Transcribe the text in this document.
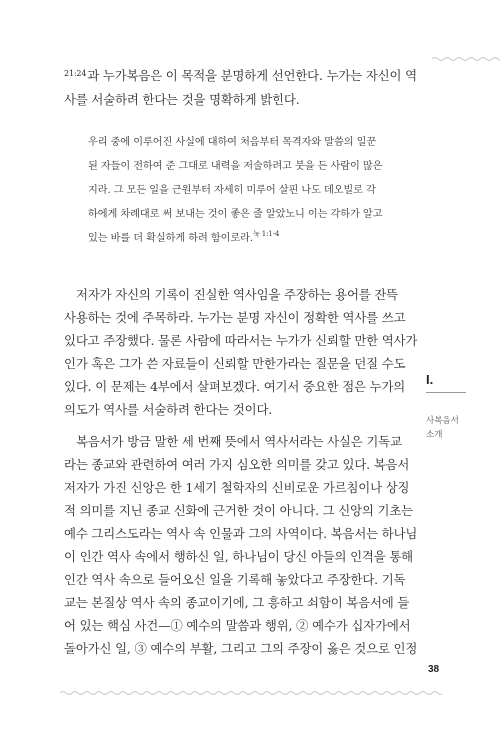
$^{21:24}$과 누가복음은 이 목적을 분명하게 선언한다. 누가는 자신이 역
사를 서술하려 한다는 것을 명확하게 밝힌다.
우리 중에 이루어진 사실에 대하여 처음부터 목격자와 말씀의 일꾼
된 자들이 전하여 준 그대로 내력을 저술하려고 붓을 든 사람이 많은
지라. 그 모든 일을 근원부터 자세히 미루어 살핀 나도 데오빌로 각
하에게 차례대로 써 보내는 것이 좋은 줄 알았노니 이는 각하가 알고
있는 바를 더 확실하게 하려 함이로라.$^{눅 1:1-4}$
저자가 자신의 기록이 진실한 역사임을 주장하는 용어를 잔뜩
사용하는 것에 주목하라. 누가는 분명 자신이 정확한 역사를 쓰고
있다고 주장했다. 물론 사람에 따라서는 누가가 신뢰할 만한 역사가
인가 혹은 그가 쓴 자료들이 신뢰할 만한가라는 질문을 던질 수도
있다. 이 문제는 4부에서 살펴보겠다. 여기서 중요한 점은 누가의
의도가 역사를 서술하려 한다는 것이다.
복음서가 방금 말한 세 번째 뜻에서 역사서라는 사실은 기독교
라는 종교와 관련하여 여러 가지 심오한 의미를 갖고 있다. 복음서
저자가 가진 신앙은 한 1세기 철학자의 신비로운 가르침이나 상징
적 의미를 지닌 종교 신화에 근거한 것이 아니다. 그 신앙의 기초는
예수 그리스도라는 역사 속 인물과 그의 사역이다. 복음서는 하나님
이 인간 역사 속에서 행하신 일, 하나님이 당신 아들의 인격을 통해
인간 역사 속으로 들어오신 일을 기록해 놓았다고 주장한다. 기독
교는 본질상 역사 속의 종교이기에, 그 흥하고 쇠함이 복음서에 들
어 있는 핵심 사건—① 예수의 말씀과 행위, ② 예수가 십자가에서
돌아가신 일, ③ 예수의 부활, 그리고 그의 주장이 옳은 것으로 인정
I.
사복음서
소개
38
